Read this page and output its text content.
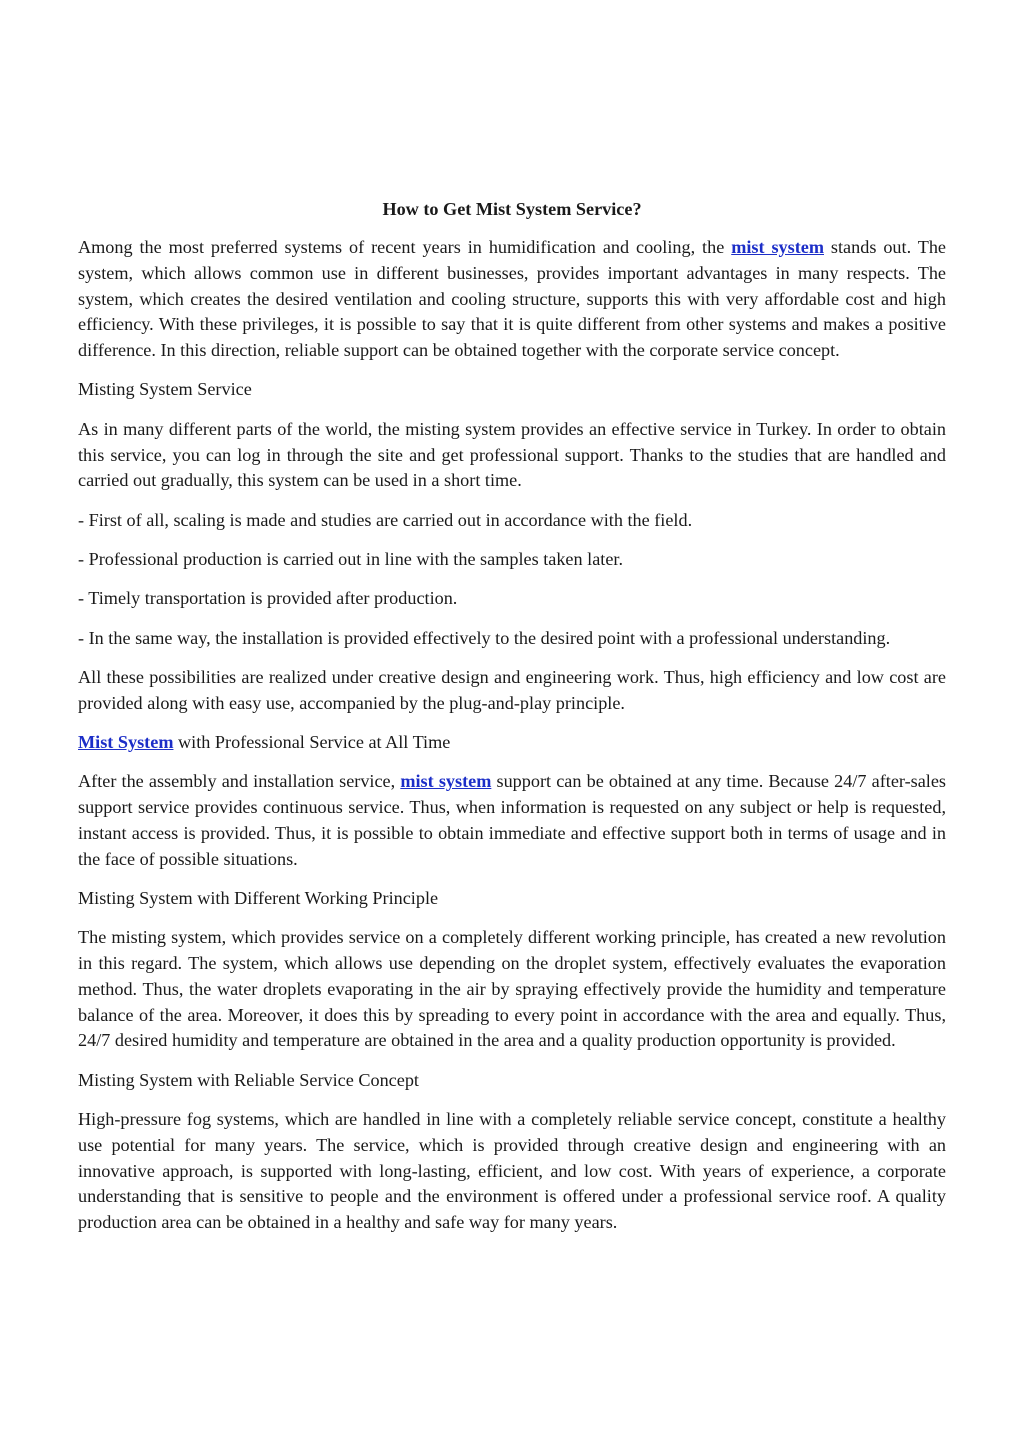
How to Get Mist System Service?

Among the most preferred systems of recent years in humidification and cooling, the mist system stands out. The system, which allows common use in different businesses, provides important advantages in many respects. The system, which creates the desired ventilation and cooling structure, supports this with very affordable cost and high efficiency. With these privileges, it is possible to say that it is quite different from other systems and makes a positive difference. In this direction, reliable support can be obtained together with the corporate service concept.

Misting System Service

As in many different parts of the world, the misting system provides an effective service in Turkey. In order to obtain this service, you can log in through the site and get professional support. Thanks to the studies that are handled and carried out gradually, this system can be used in a short time.

- First of all, scaling is made and studies are carried out in accordance with the field.

- Professional production is carried out in line with the samples taken later.

- Timely transportation is provided after production.

- In the same way, the installation is provided effectively to the desired point with a professional understanding.

All these possibilities are realized under creative design and engineering work. Thus, high efficiency and low cost are provided along with easy use, accompanied by the plug-and-play principle.

Mist System with Professional Service at All Time

After the assembly and installation service, mist system support can be obtained at any time. Because 24/7 after-sales support service provides continuous service. Thus, when information is requested on any subject or help is requested, instant access is provided. Thus, it is possible to obtain immediate and effective support both in terms of usage and in the face of possible situations.

Misting System with Different Working Principle

The misting system, which provides service on a completely different working principle, has created a new revolution in this regard. The system, which allows use depending on the droplet system, effectively evaluates the evaporation method. Thus, the water droplets evaporating in the air by spraying effectively provide the humidity and temperature balance of the area. Moreover, it does this by spreading to every point in accordance with the area and equally. Thus, 24/7 desired humidity and temperature are obtained in the area and a quality production opportunity is provided.

Misting System with Reliable Service Concept

High-pressure fog systems, which are handled in line with a completely reliable service concept, constitute a healthy use potential for many years. The service, which is provided through creative design and engineering with an innovative approach, is supported with long-lasting, efficient, and low cost. With years of experience, a corporate understanding that is sensitive to people and the environment is offered under a professional service roof. A quality production area can be obtained in a healthy and safe way for many years.
